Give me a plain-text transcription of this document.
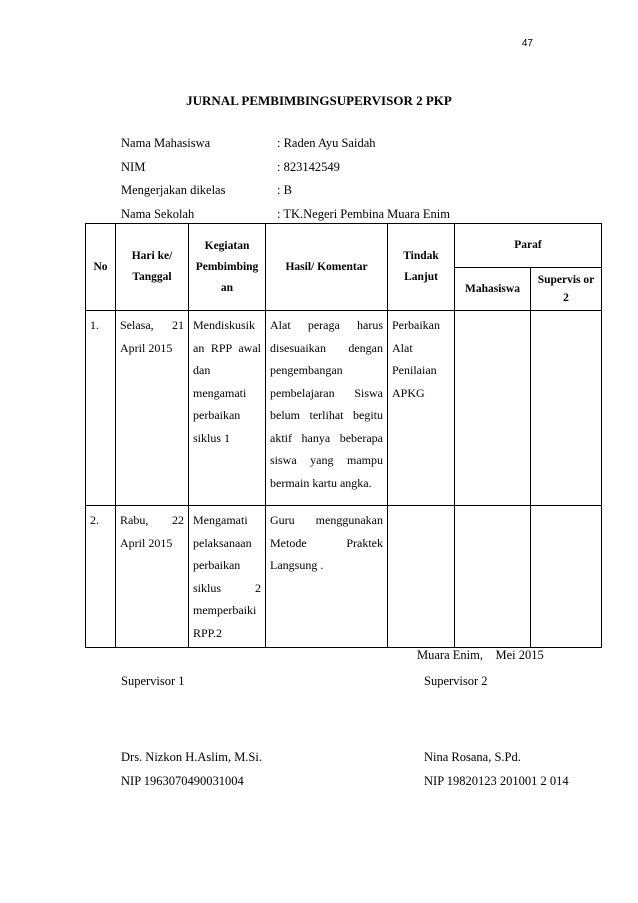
47
JURNAL PEMBIMBINGSUPERVISOR 2 PKP
Nama Mahasiswa	: Raden Ayu Saidah
NIM	: 823142549
Mengerjakan dikelas	: B
Nama Sekolah	: TK.Negeri Pembina Muara Enim
No	Hari ke/ Tanggal	Kegiatan Pembimbing an	Hasil/ Komentar	Tindak Lanjut	Paraf	
					Mahasiswa	Supervis or 2
1.	Selasa, 21 April 2015	Mendiskusik an RPP awal dan mengamati perbaikan siklus 1	Alat peraga harus disesuaikan dengan pengembangan pembelajaran Siswa belum terlihat begitu aktif hanya beberapa siswa yang mampu bermain kartu angka.	Perbaikan Alat Penilaian APKG		
2.	Rabu, 22 April 2015	Mengamati pelaksanaan perbaikan siklus 2 memperbaiki RPP.2	Guru menggunakan Metode Praktek Langsung .			
Muara Enim,    Mei 2015
Supervisor 1
Drs. Nizkon H.Aslim, M.Si.
NIP 1963070490031004
Supervisor 2
Nina Rosana, S.Pd.
NIP 19820123 201001 2 014
